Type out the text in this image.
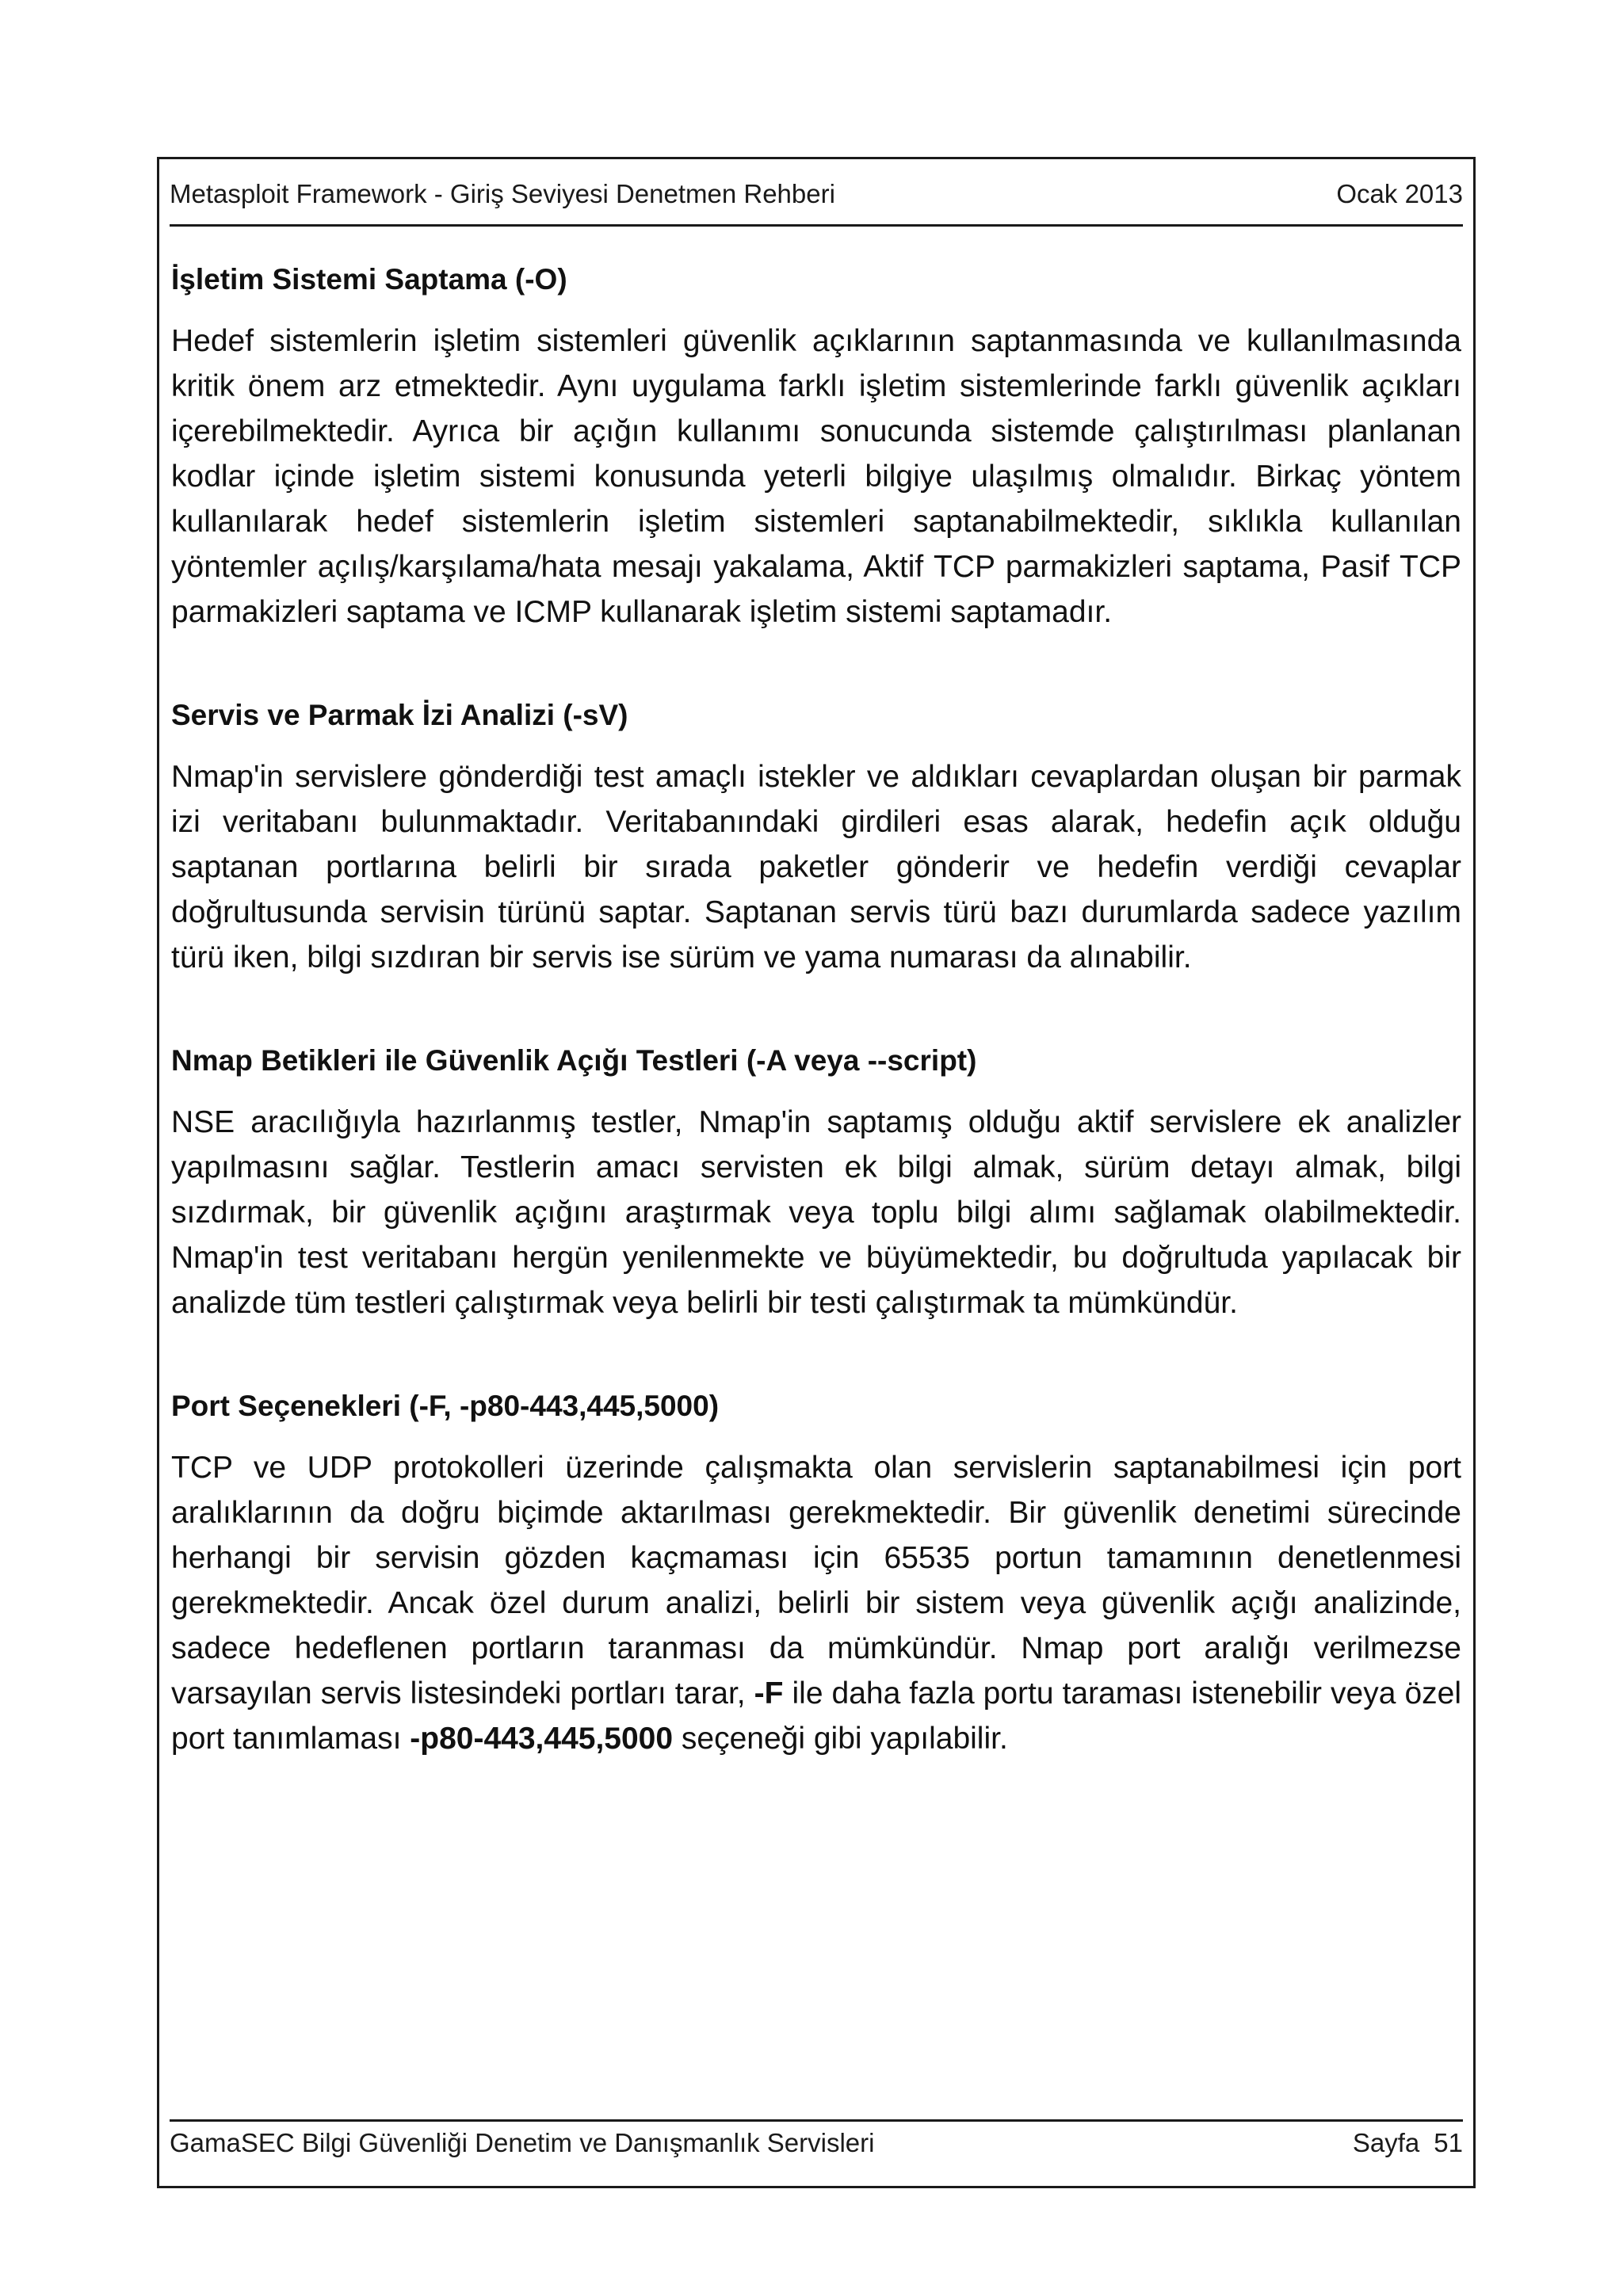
Metasploit Framework - Giriş Seviyesi Denetmen Rehberi	Ocak 2013
İşletim Sistemi Saptama (-O)

Hedef sistemlerin işletim sistemleri güvenlik açıklarının saptanmasında ve kullanılmasında kritik önem arz etmektedir. Aynı uygulama farklı işletim sistemlerinde farklı güvenlik açıkları içerebilmektedir. Ayrıca bir açığın kullanımı sonucunda sistemde çalıştırılması planlanan kodlar içinde işletim sistemi konusunda yeterli bilgiye ulaşılmış olmalıdır. Birkaç yöntem kullanılarak hedef sistemlerin işletim sistemleri saptanabilmektedir, sıklıkla kullanılan yöntemler açılış/karşılama/hata mesajı yakalama, Aktif TCP parmakizleri saptama, Pasif TCP parmakizleri saptama ve ICMP kullanarak işletim sistemi saptamadır.

Servis ve Parmak İzi Analizi (-sV)

Nmap'in servislere gönderdiği test amaçlı istekler ve aldıkları cevaplardan oluşan bir parmak izi veritabanı bulunmaktadır. Veritabanındaki girdileri esas alarak, hedefin açık olduğu saptanan portlarına belirli bir sırada paketler gönderir ve hedefin verdiği cevaplar doğrultusunda servisin türünü saptar. Saptanan servis türü bazı durumlarda sadece yazılım türü iken, bilgi sızdıran bir servis ise sürüm ve yama numarası da alınabilir.

Nmap Betikleri ile Güvenlik Açığı Testleri (-A veya --script)

NSE aracılığıyla hazırlanmış testler, Nmap'in saptamış olduğu aktif servislere ek analizler yapılmasını sağlar. Testlerin amacı servisten ek bilgi almak, sürüm detayı almak, bilgi sızdırmak, bir güvenlik açığını araştırmak veya toplu bilgi alımı sağlamak olabilmektedir. Nmap'in test veritabanı hergün yenilenmekte ve büyümektedir, bu doğrultuda yapılacak bir analizde tüm testleri çalıştırmak veya belirli bir testi çalıştırmak ta mümkündür.

Port Seçenekleri (-F, -p80-443,445,5000)

TCP ve UDP protokolleri üzerinde çalışmakta olan servislerin saptanabilmesi için port aralıklarının da doğru biçimde aktarılması gerekmektedir. Bir güvenlik denetimi sürecinde herhangi bir servisin gözden kaçmaması için 65535 portun tamamının denetlenmesi gerekmektedir. Ancak özel durum analizi, belirli bir sistem veya güvenlik açığı analizinde, sadece hedeflenen portların taranması da mümkündür. Nmap port aralığı verilmezse varsayılan servis listesindeki portları tarar, -F ile daha fazla portu taraması istenebilir veya özel port tanımlaması -p80-443,445,5000 seçeneği gibi yapılabilir.

GamaSEC Bilgi Güvenliği Denetim ve Danışmanlık Servisleri	Sayfa 51
